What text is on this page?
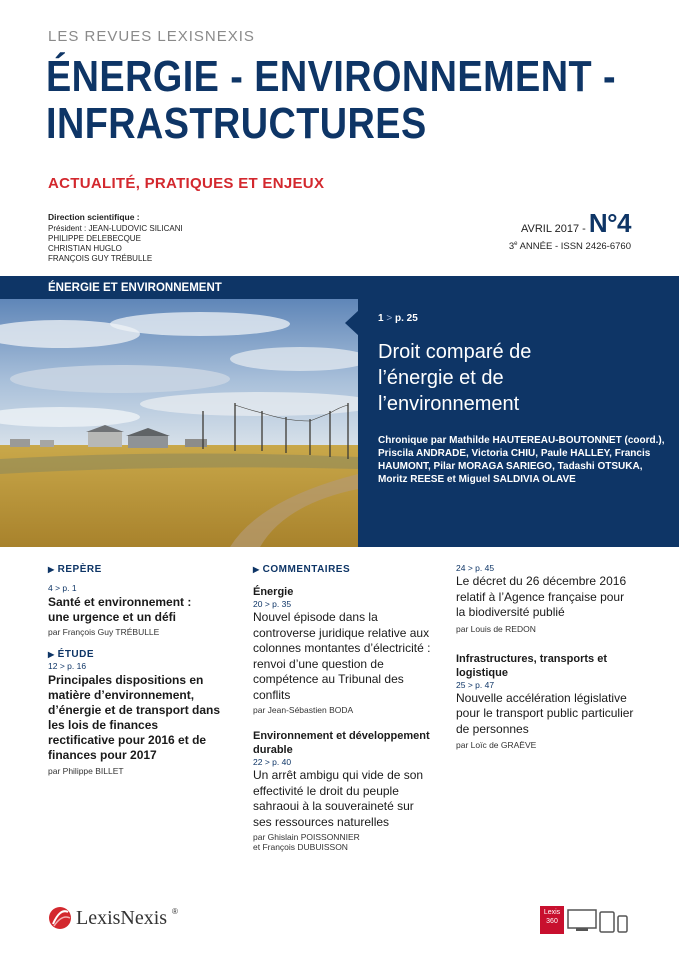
LES REVUES LEXISNEXIS
ÉNERGIE - ENVIRONNEMENT -
INFRASTRUCTURES
ACTUALITÉ, PRATIQUES ET ENJEUX
Direction scientifique :
Président : JEAN-LUDOVIC SILICANI
PHILIPPE DELEBECQUE
CHRISTIAN HUGLO
FRANÇOIS GUY TRÉBULLE
AVRIL 2017 - N°4
3e ANNÉE - ISSN 2426-6760
ÉNERGIE ET ENVIRONNEMENT
1 > p. 25
Droit comparé de l’énergie et de l’environnement
Chronique par Mathilde HAUTEREAU-BOUTONNET (coord.), Priscila ANDRADE, Victoria CHIU, Paule HALLEY, Francis HAUMONT, Pilar MORAGA SARIEGO, Tadashi OTSUKA, Moritz REESE et Miguel SALDIVIA OLAVE
▶ REPÈRE
4 > p. 1
Santé et environnement : une urgence et un défi
par François Guy TRÉBULLE
▶ ÉTUDE
12 > p. 16
Principales dispositions en matière d’environnement, d’énergie et de transport dans les lois de finances rectificative pour 2016 et de finances pour 2017
par Philippe BILLET
▶ COMMENTAIRES
Énergie
20 > p. 35
Nouvel épisode dans la controverse juridique relative aux colonnes montantes d’électricité : renvoi d’une question de compétence au Tribunal des conflits
par Jean-Sébastien BODA
Environnement et développement durable
22 > p. 40
Un arrêt ambigu qui vide de son effectivité le droit du peuple sahraoui à la souveraineté sur ses ressources naturelles
par Ghislain POISSONNIER
et François DUBUISSON
24 > p. 45
Le décret du 26 décembre 2016 relatif à l’Agence française pour la biodiversité publié
par Louis de REDON
Infrastructures, transports et logistique
25 > p. 47
Nouvelle accélération législative pour le transport public particulier de personnes
par Loïc de GRAËVE
LexisNexis ®	Lexis
360
